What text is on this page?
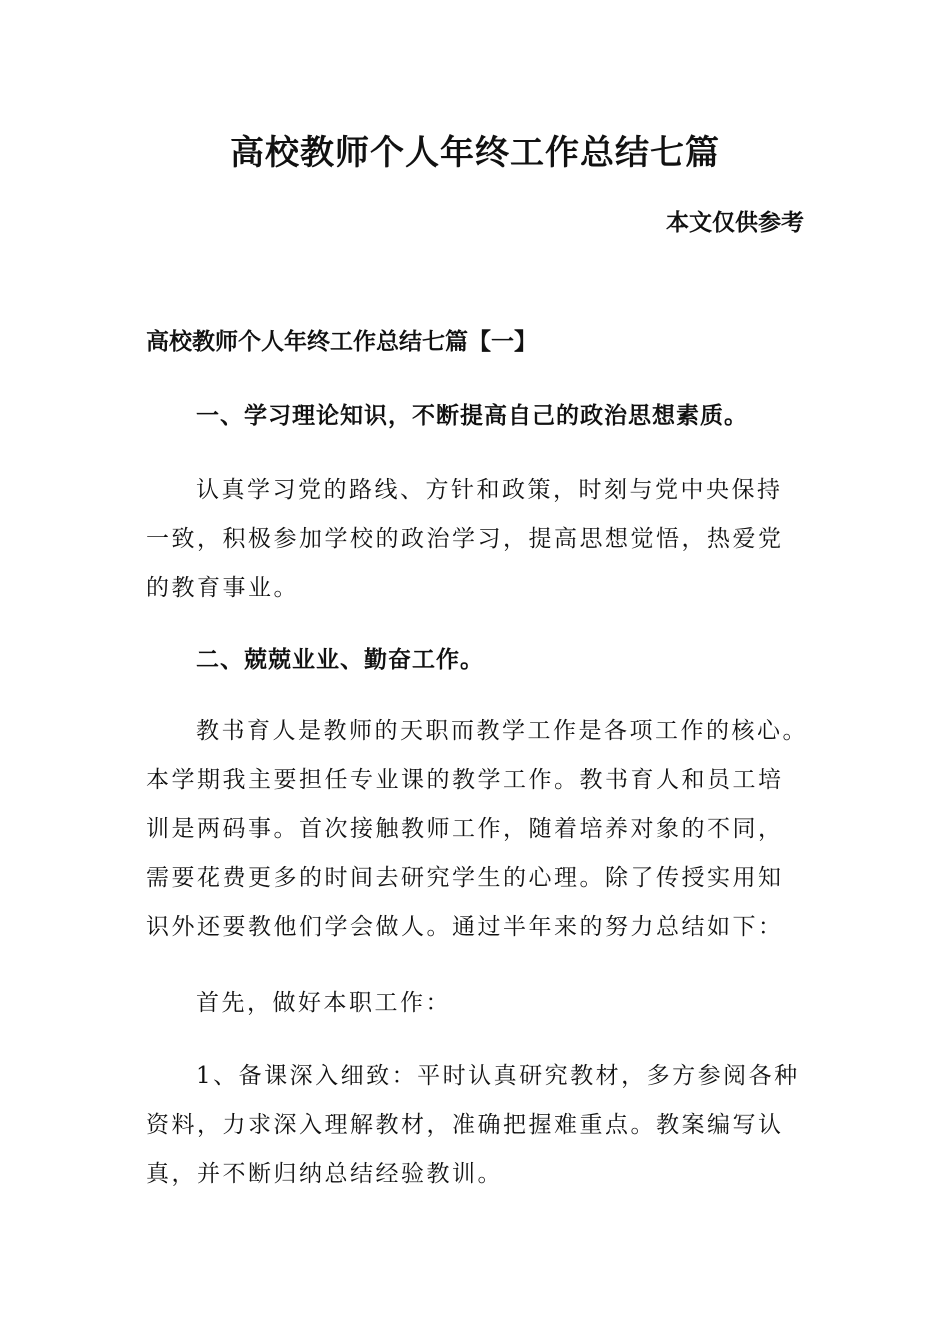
高校教师个人年终工作总结七篇
本文仅供参考
高校教师个人年终工作总结七篇【一】
一、学习理论知识，不断提高自己的政治思想素质。
认真学习党的路线、方针和政策，时刻与党中央保持
一致，积极参加学校的政治学习，提高思想觉悟，热爱党
的教育事业。
二、兢兢业业、勤奋工作。
教书育人是教师的天职而教学工作是各项工作的核心。
本学期我主要担任专业课的教学工作。教书育人和员工培
训是两码事。首次接触教师工作，随着培养对象的不同，
需要花费更多的时间去研究学生的心理。除了传授实用知
识外还要教他们学会做人。通过半年来的努力总结如下：
首先，做好本职工作：
1、备课深入细致：平时认真研究教材，多方参阅各种
资料，力求深入理解教材，准确把握难重点。教案编写认
真，并不断归纳总结经验教训。
